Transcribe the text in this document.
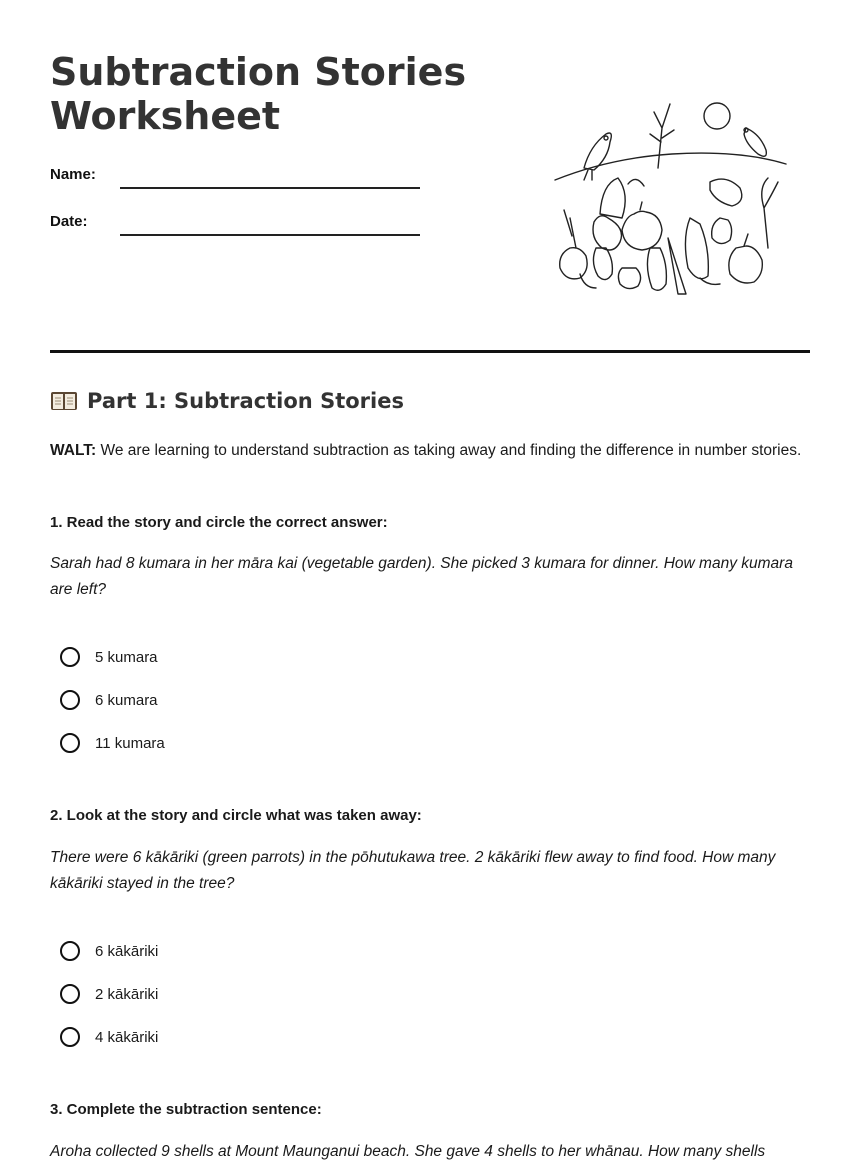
Subtraction Stories
Worksheet
Name:
Date:
Part 1: Subtraction Stories
WALT: We are learning to understand subtraction as taking away and finding the difference in number stories.
1. Read the story and circle the correct answer:
Sarah had 8 kumara in her māra kai (vegetable garden). She picked 3 kumara for dinner. How many kumara are left?
5 kumara
6 kumara
11 kumara
2. Look at the story and circle what was taken away:
There were 6 kākāriki (green parrots) in the pōhutukawa tree. 2 kākāriki flew away to find food. How many kākāriki stayed in the tree?
6 kākāriki
2 kākāriki
4 kākāriki
3. Complete the subtraction sentence:
Aroha collected 9 shells at Mount Maunganui beach. She gave 4 shells to her whānau. How many shells
